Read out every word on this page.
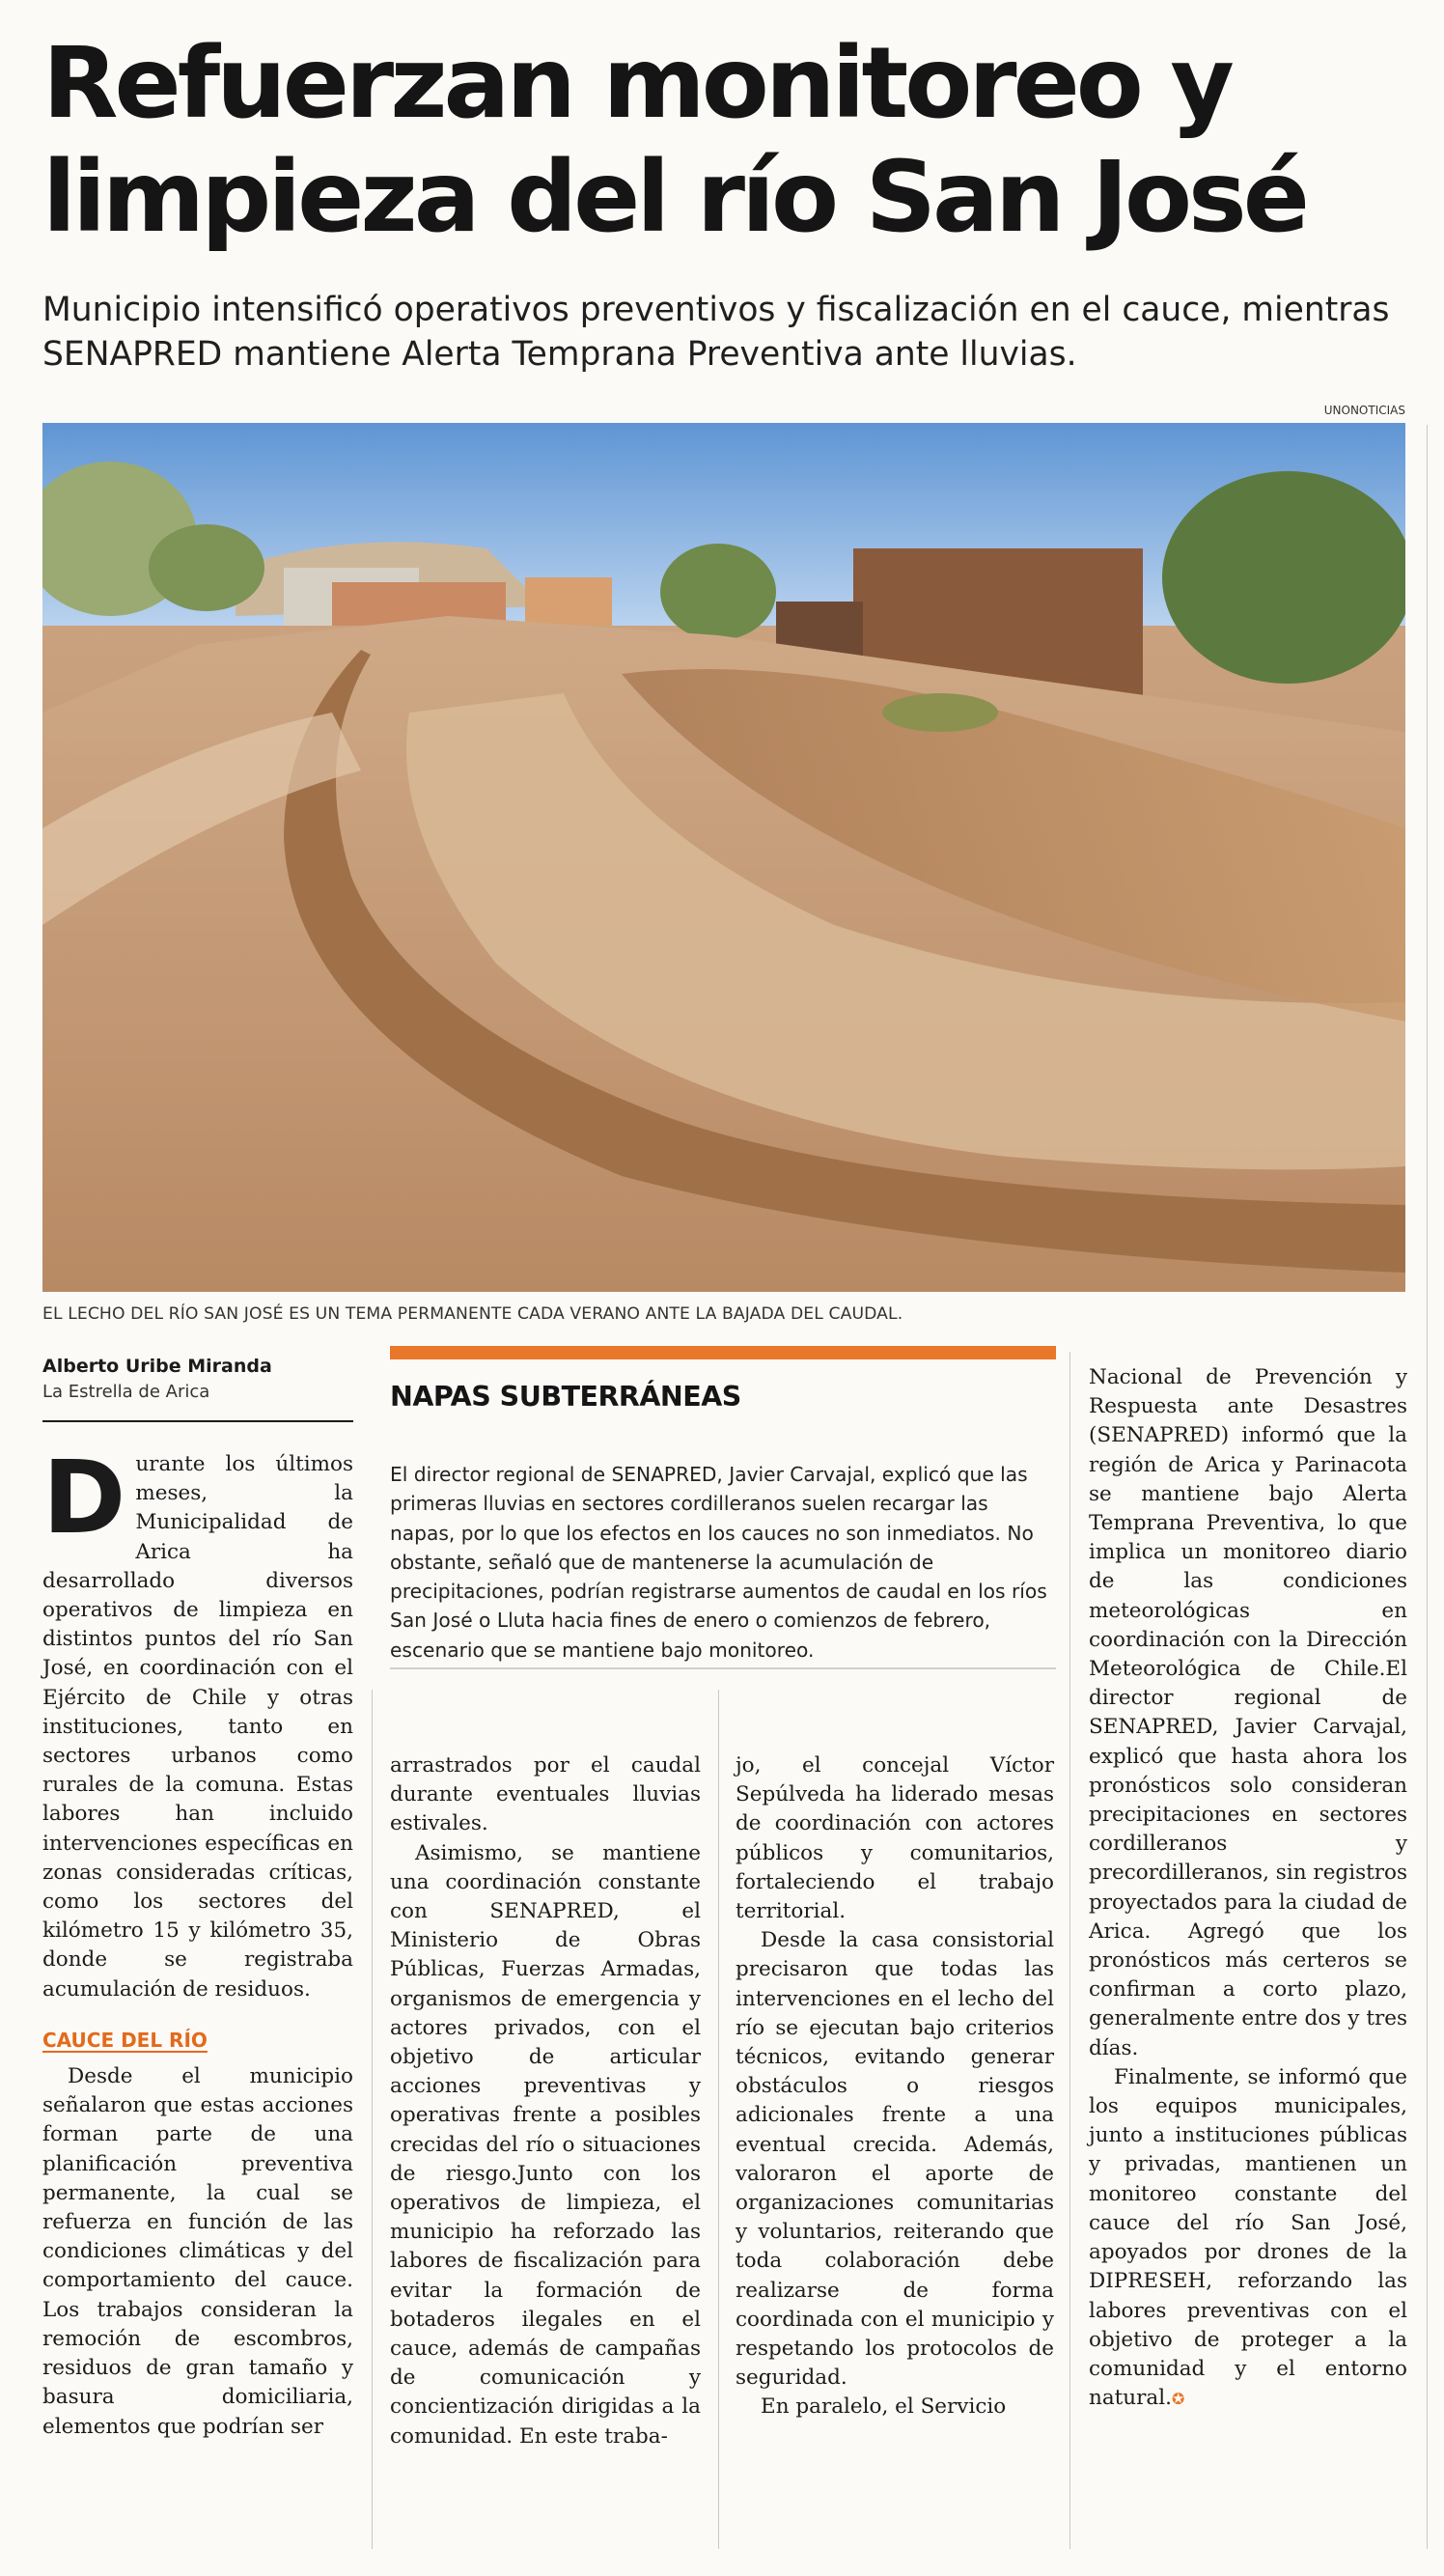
Refuerzan monitoreo y limpieza del río San José

Municipio intensificó operativos preventivos y fiscalización en el cauce, mientras SENAPRED mantiene Alerta Temprana Preventiva ante lluvias.

UNONOTICIAS
EL LECHO DEL RÍO SAN JOSÉ ES UN TEMA PERMANENTE CADA VERANO ANTE LA BAJADA DEL CAUDAL.
Alberto Uribe Miranda
La Estrella de Arica	NAPAS SUBTERRÁNEAS

El director regional de SENAPRED, Javier Carvajal, explicó que las primeras lluvias en sectores cordilleranos suelen recargar las napas, por lo que los efectos en los cauces no son inmediatos. No obstante, señaló que de mantenerse la acumulación de precipitaciones, podrían registrarse aumentos de caudal en los ríos San José o Lluta hacia fines de enero o comienzos de febrero, escenario que se mantiene bajo monitoreo.

Durante los últimos meses, la Municipalidad de Arica ha desarrollado diversos operativos de limpieza en distintos puntos del río San José, en coordinación con el Ejército de Chile y otras instituciones, tanto en sectores urbanos como rurales de la comuna. Estas labores han incluido intervenciones específicas en zonas consideradas críticas, como los sectores del kilómetro 15 y kilómetro 35, donde se registraba acumulación de residuos.

CAUCE DEL RÍO

Desde el municipio señalaron que estas acciones forman parte de una planificación preventiva permanente, la cual se refuerza en función de las condiciones climáticas y del comportamiento del cauce. Los trabajos consideran la remoción de escombros, residuos de gran tamaño y basura domiciliaria, elementos que podrían ser

arrastrados por el caudal durante eventuales lluvias estivales.

Asimismo, se mantiene una coordinación constante con SENAPRED, el Ministerio de Obras Públicas, Fuerzas Armadas, organismos de emergencia y actores privados, con el objetivo de articular acciones preventivas y operativas frente a posibles crecidas del río o situaciones de riesgo.Junto con los operativos de limpieza, el municipio ha reforzado las labores de fiscalización para evitar la formación de botaderos ilegales en el cauce, además de campañas de comunicación y concientización dirigidas a la comunidad. En este traba-

jo, el concejal Víctor Sepúlveda ha liderado mesas de coordinación con actores públicos y comunitarios, fortaleciendo el trabajo territorial.

Desde la casa consistorial precisaron que todas las intervenciones en el lecho del río se ejecutan bajo criterios técnicos, evitando generar obstáculos o riesgos adicionales frente a una eventual crecida. Además, valoraron el aporte de organizaciones comunitarias y voluntarios, reiterando que toda colaboración debe realizarse de forma coordinada con el municipio y respetando los protocolos de seguridad.

En paralelo, el Servicio

Nacional de Prevención y Respuesta ante Desastres (SENAPRED) informó que la región de Arica y Parinacota se mantiene bajo Alerta Temprana Preventiva, lo que implica un monitoreo diario de las condiciones meteorológicas en coordinación con la Dirección Meteorológica de Chile.El director regional de SENAPRED, Javier Carvajal, explicó que hasta ahora los pronósticos solo consideran precipitaciones en sectores cordilleranos y precordilleranos, sin registros proyectados para la ciudad de Arica. Agregó que los pronósticos más certeros se confirman a corto plazo, generalmente entre dos y tres días.

Finalmente, se informó que los equipos municipales, junto a instituciones públicas y privadas, mantienen un monitoreo constante del cauce del río San José, apoyados por drones de la DIPRESEH, reforzando las labores preventivas con el objetivo de proteger a la comunidad y el entorno natural.✪
